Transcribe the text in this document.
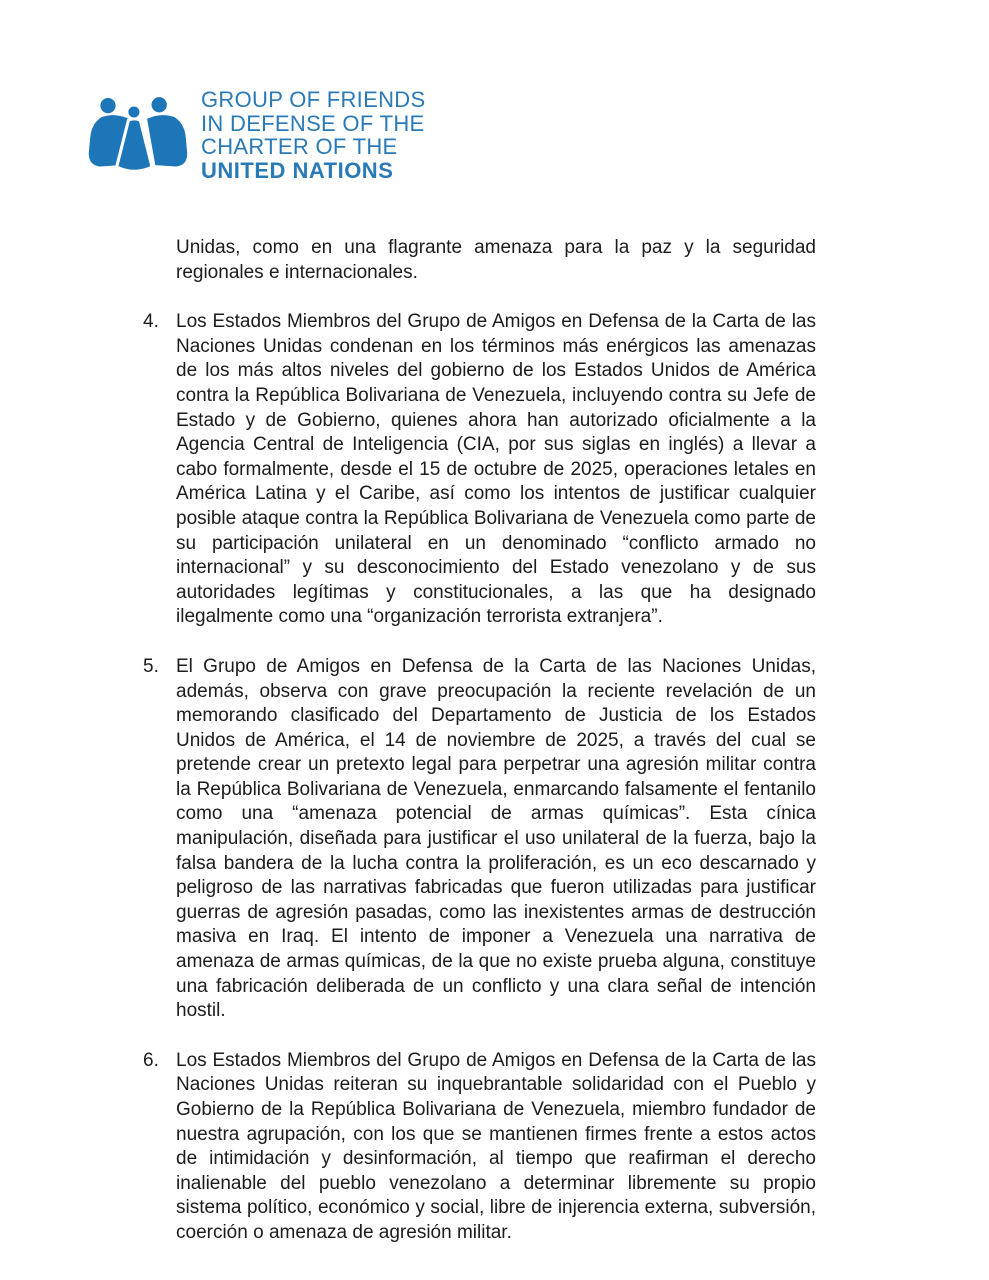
GROUP OF FRIENDS
IN DEFENSE OF THE
CHARTER OF THE
UNITED NATIONS

Unidas, como en una flagrante amenaza para la paz y la seguridad regionales e internacionales.

4. Los Estados Miembros del Grupo de Amigos en Defensa de la Carta de las Naciones Unidas condenan en los términos más enérgicos las amenazas de los más altos niveles del gobierno de los Estados Unidos de América contra la República Bolivariana de Venezuela, incluyendo contra su Jefe de Estado y de Gobierno, quienes ahora han autorizado oficialmente a la Agencia Central de Inteligencia (CIA, por sus siglas en inglés) a llevar a cabo formalmente, desde el 15 de octubre de 2025, operaciones letales en América Latina y el Caribe, así como los intentos de justificar cualquier posible ataque contra la República Bolivariana de Venezuela como parte de su participación unilateral en un denominado “conflicto armado no internacional” y su desconocimiento del Estado venezolano y de sus autoridades legítimas y constitucionales, a las que ha designado ilegalmente como una “organización terrorista extranjera”.

5. El Grupo de Amigos en Defensa de la Carta de las Naciones Unidas, además, observa con grave preocupación la reciente revelación de un memorando clasificado del Departamento de Justicia de los Estados Unidos de América, el 14 de noviembre de 2025, a través del cual se pretende crear un pretexto legal para perpetrar una agresión militar contra la República Bolivariana de Venezuela, enmarcando falsamente el fentanilo como una “amenaza potencial de armas químicas”. Esta cínica manipulación, diseñada para justificar el uso unilateral de la fuerza, bajo la falsa bandera de la lucha contra la proliferación, es un eco descarnado y peligroso de las narrativas fabricadas que fueron utilizadas para justificar guerras de agresión pasadas, como las inexistentes armas de destrucción masiva en Iraq. El intento de imponer a Venezuela una narrativa de amenaza de armas químicas, de la que no existe prueba alguna, constituye una fabricación deliberada de un conflicto y una clara señal de intención hostil.

6. Los Estados Miembros del Grupo de Amigos en Defensa de la Carta de las Naciones Unidas reiteran su inquebrantable solidaridad con el Pueblo y Gobierno de la República Bolivariana de Venezuela, miembro fundador de nuestra agrupación, con los que se mantienen firmes frente a estos actos de intimidación y desinformación, al tiempo que reafirman el derecho inalienable del pueblo venezolano a determinar libremente su propio sistema político, económico y social, libre de injerencia externa, subversión, coerción o amenaza de agresión militar.
